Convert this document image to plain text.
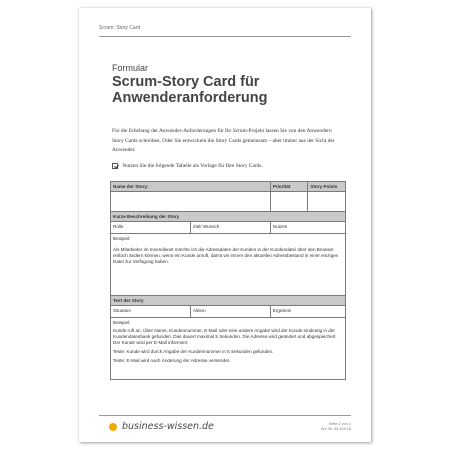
Scrum: Story Card
Formular
Scrum-Story Card für Anwenderanforderung

Für die Erhebung der Anwender-Anforderungen für Ihr Scrum-Projekt lassen Sie von den Anwendern Story Cards schreiben. Oder Sie entwickeln die Story Cards gemeinsam – aber immer aus der Sicht der Anwender.

Nutzen Sie die folgende Tabelle als Vorlage für Ihre Story Cards.
Name der Story:		Priorität	Story Points

Kurze Beschreibung der Story			
Rolle	Ziel/ Wunsch	Nutzen	

Beispiel:
Als Mitarbeiter im Innendienst möchte ich die Adressdaten der Kunden in der Kundendatei über den Browser einfach ändern können, wenn ein Kunde anruft, damit wir immer den aktuellen Adressbestand in einer einzigen Datei zur Verfügung haben.			

Test der Story			
Situation	Aktion	Ergebnis	

Beispiel:
Kunde ruft an. Über Name, Kundennummer, E-Mail oder eine andere Angabe wird der Kunde eindeutig in der Kundendatenbank gefunden. Das dauert maximal 5 Sekunden. Die Adresse wird geändert und abgespeichert. Der Kunde wird per E-Mail informiert.
Teste: Kunde wird durch Angabe der Kundennummer in 5 Sekunden gefunden.
Teste: E-Mail wird nach Änderung der Adresse versendet.			
business-wissen.de	Seite 1 von 1
Art.-Nr. 99.143.18
